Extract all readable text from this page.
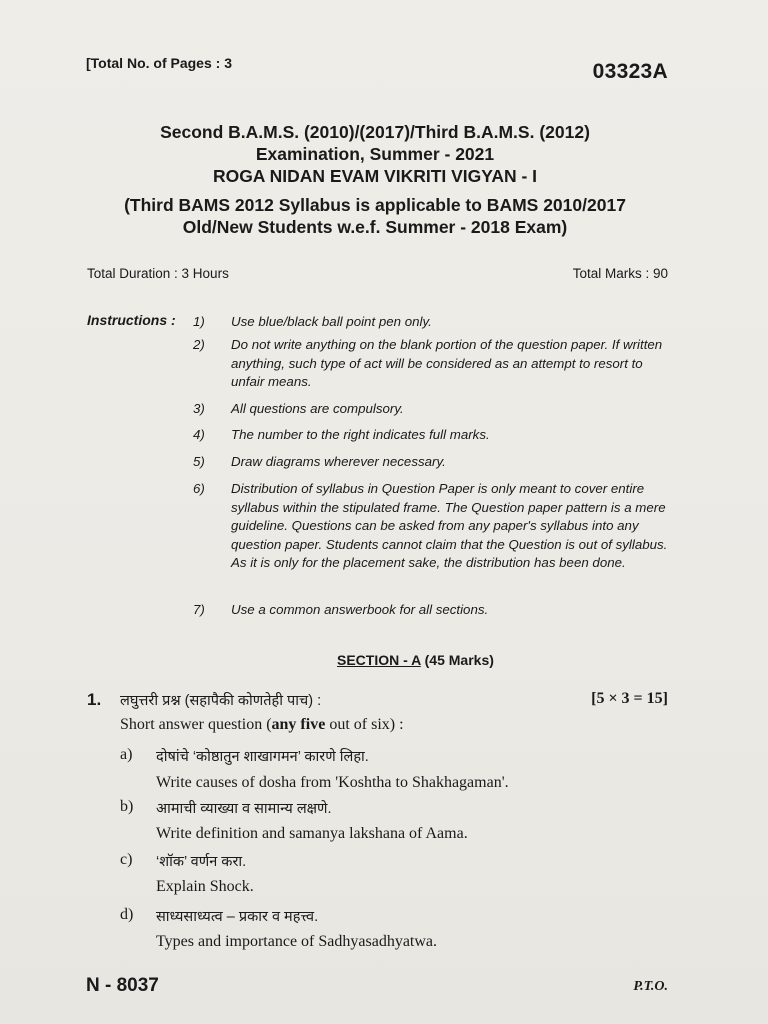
[Total No. of Pages : 3	03323A
Second B.A.M.S. (2010)/(2017)/Third B.A.M.S. (2012)
Examination, Summer - 2021
ROGA NIDAN EVAM VIKRITI VIGYAN - I
(Third BAMS 2012 Syllabus is applicable to BAMS 2010/2017
Old/New Students w.e.f. Summer - 2018 Exam)
Total Duration : 3 Hours	Total Marks : 90
Instructions : 1)	Use blue/black ball point pen only.
2)	Do not write anything on the blank portion of the question paper. If written anything, such type of act will be considered as an attempt to resort to unfair means.
3)	All questions are compulsory.
4)	The number to the right indicates full marks.
5)	Draw diagrams wherever necessary.
6)	Distribution of syllabus in Question Paper is only meant to cover entire syllabus within the stipulated frame. The Question paper pattern is a mere guideline. Questions can be asked from any paper's syllabus into any question paper. Students cannot claim that the Question is out of syllabus. As it is only for the placement sake, the distribution has been done.
7)	Use a common answerbook for all sections.
SECTION - A (45 Marks)
1. लघुत्तरी प्रश्न (सहापैकी कोणतेही पाच) :	[5 × 3 = 15]
Short answer question (any five out of six) :
a) दोषांचे ‘कोष्ठातुन शाखागमन’ कारणे लिहा.
Write causes of dosha from 'Koshtha to Shakhagaman'.
b) आमाची व्याख्या व सामान्य लक्षणे.
Write definition and samanya lakshana of Aama.
c) ‘शॉक’ वर्णन करा.
Explain Shock.
d) साध्यसाध्यत्व – प्रकार व महत्त्व.
Types and importance of Sadhyasadhyatwa.
N - 8037	P.T.O.
